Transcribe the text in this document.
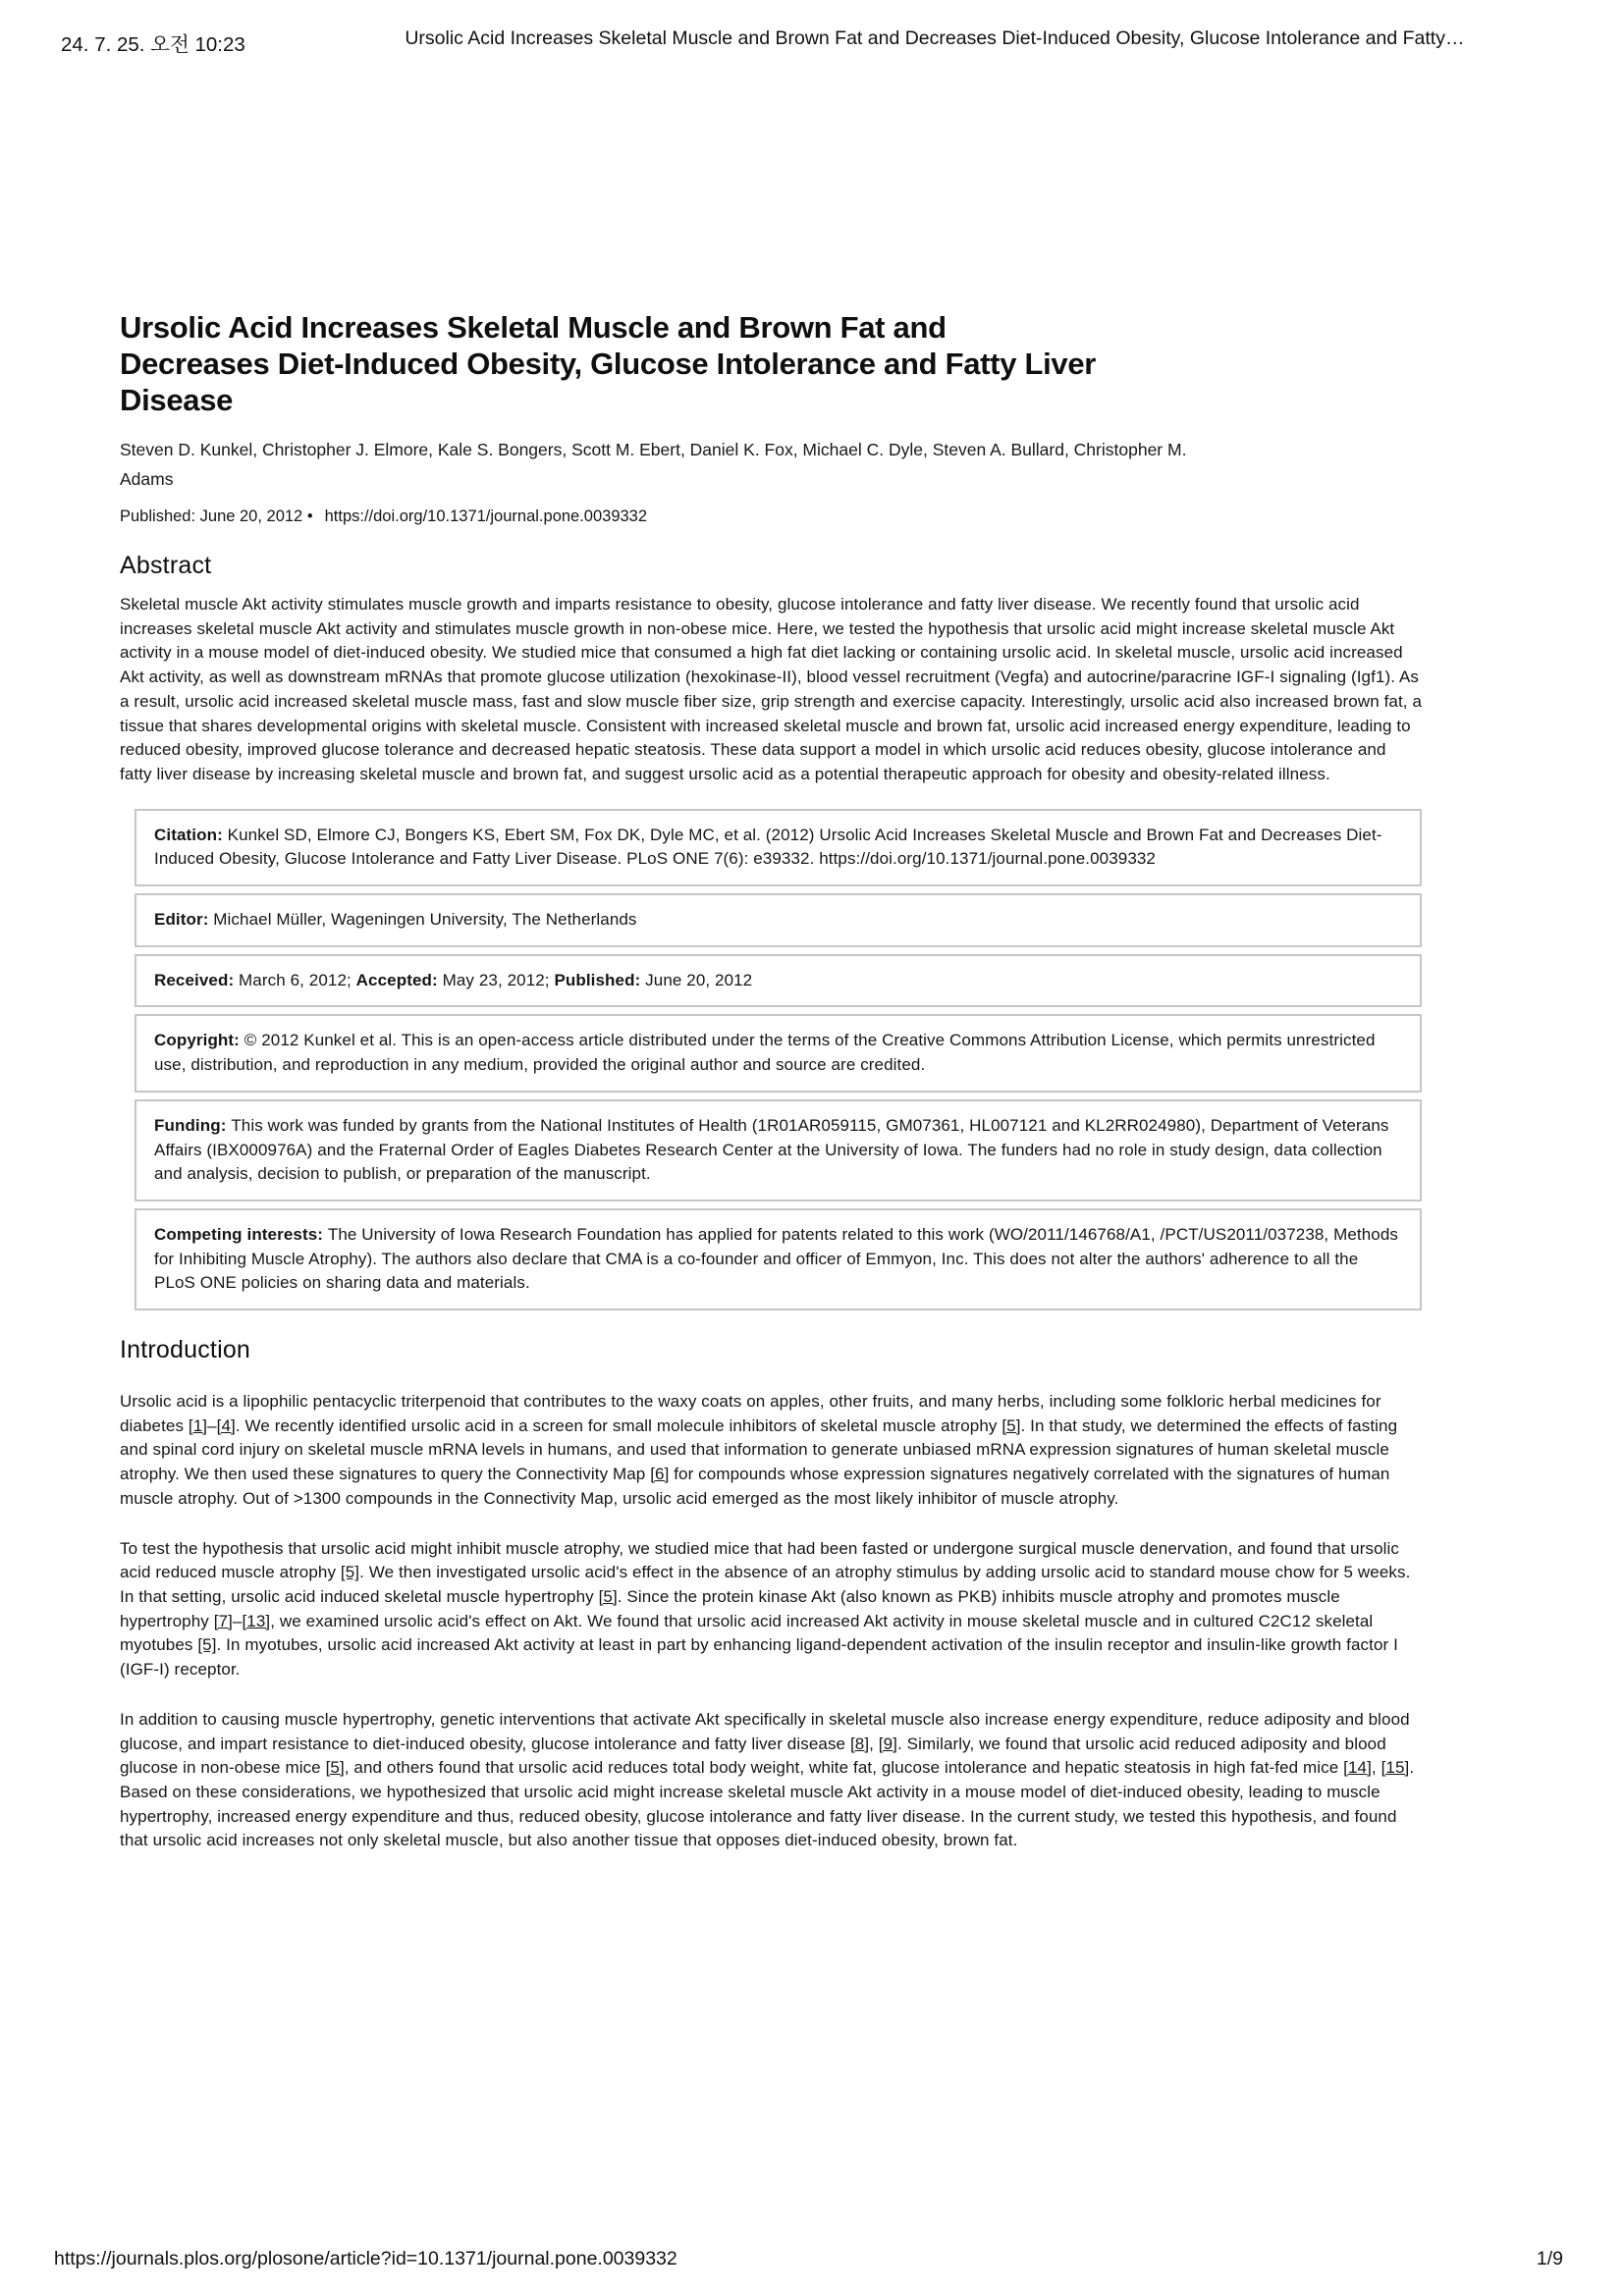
24. 7. 25. 오전 10:23	Ursolic Acid Increases Skeletal Muscle and Brown Fat and Decreases Diet-Induced Obesity, Glucose Intolerance and Fatty…
Ursolic Acid Increases Skeletal Muscle and Brown Fat and Decreases Diet-Induced Obesity, Glucose Intolerance and Fatty Liver Disease

Steven D. Kunkel, Christopher J. Elmore, Kale S. Bongers, Scott M. Ebert, Daniel K. Fox, Michael C. Dyle, Steven A. Bullard, Christopher M. Adams

Published: June 20, 2012 • https://doi.org/10.1371/journal.pone.0039332

Abstract

Skeletal muscle Akt activity stimulates muscle growth and imparts resistance to obesity, glucose intolerance and fatty liver disease. We recently found that ursolic acid increases skeletal muscle Akt activity and stimulates muscle growth in non-obese mice. Here, we tested the hypothesis that ursolic acid might increase skeletal muscle Akt activity in a mouse model of diet-induced obesity. We studied mice that consumed a high fat diet lacking or containing ursolic acid. In skeletal muscle, ursolic acid increased Akt activity, as well as downstream mRNAs that promote glucose utilization (hexokinase-II), blood vessel recruitment (Vegfa) and autocrine/paracrine IGF-I signaling (Igf1). As a result, ursolic acid increased skeletal muscle mass, fast and slow muscle fiber size, grip strength and exercise capacity. Interestingly, ursolic acid also increased brown fat, a tissue that shares developmental origins with skeletal muscle. Consistent with increased skeletal muscle and brown fat, ursolic acid increased energy expenditure, leading to reduced obesity, improved glucose tolerance and decreased hepatic steatosis. These data support a model in which ursolic acid reduces obesity, glucose intolerance and fatty liver disease by increasing skeletal muscle and brown fat, and suggest ursolic acid as a potential therapeutic approach for obesity and obesity-related illness.

Citation: Kunkel SD, Elmore CJ, Bongers KS, Ebert SM, Fox DK, Dyle MC, et al. (2012) Ursolic Acid Increases Skeletal Muscle and Brown Fat and Decreases Diet-Induced Obesity, Glucose Intolerance and Fatty Liver Disease. PLoS ONE 7(6): e39332. https://doi.org/10.1371/journal.pone.0039332
Editor: Michael Müller, Wageningen University, The Netherlands
Received: March 6, 2012; Accepted: May 23, 2012; Published: June 20, 2012
Copyright: © 2012 Kunkel et al. This is an open-access article distributed under the terms of the Creative Commons Attribution License, which permits unrestricted use, distribution, and reproduction in any medium, provided the original author and source are credited.
Funding: This work was funded by grants from the National Institutes of Health (1R01AR059115, GM07361, HL007121 and KL2RR024980), Department of Veterans Affairs (IBX000976A) and the Fraternal Order of Eagles Diabetes Research Center at the University of Iowa. The funders had no role in study design, data collection and analysis, decision to publish, or preparation of the manuscript.
Competing interests: The University of Iowa Research Foundation has applied for patents related to this work (WO/2011/146768/A1, /PCT/US2011/037238, Methods for Inhibiting Muscle Atrophy). The authors also declare that CMA is a co-founder and officer of Emmyon, Inc. This does not alter the authors' adherence to all the PLoS ONE policies on sharing data and materials.
Introduction

Ursolic acid is a lipophilic pentacyclic triterpenoid that contributes to the waxy coats on apples, other fruits, and many herbs, including some folkloric herbal medicines for diabetes [1]–[4]. We recently identified ursolic acid in a screen for small molecule inhibitors of skeletal muscle atrophy [5]. In that study, we determined the effects of fasting and spinal cord injury on skeletal muscle mRNA levels in humans, and used that information to generate unbiased mRNA expression signatures of human skeletal muscle atrophy. We then used these signatures to query the Connectivity Map [6] for compounds whose expression signatures negatively correlated with the signatures of human muscle atrophy. Out of >1300 compounds in the Connectivity Map, ursolic acid emerged as the most likely inhibitor of muscle atrophy.

To test the hypothesis that ursolic acid might inhibit muscle atrophy, we studied mice that had been fasted or undergone surgical muscle denervation, and found that ursolic acid reduced muscle atrophy [5]. We then investigated ursolic acid's effect in the absence of an atrophy stimulus by adding ursolic acid to standard mouse chow for 5 weeks. In that setting, ursolic acid induced skeletal muscle hypertrophy [5]. Since the protein kinase Akt (also known as PKB) inhibits muscle atrophy and promotes muscle hypertrophy [7]–[13], we examined ursolic acid's effect on Akt. We found that ursolic acid increased Akt activity in mouse skeletal muscle and in cultured C2C12 skeletal myotubes [5]. In myotubes, ursolic acid increased Akt activity at least in part by enhancing ligand-dependent activation of the insulin receptor and insulin-like growth factor I (IGF-I) receptor.

In addition to causing muscle hypertrophy, genetic interventions that activate Akt specifically in skeletal muscle also increase energy expenditure, reduce adiposity and blood glucose, and impart resistance to diet-induced obesity, glucose intolerance and fatty liver disease [8], [9]. Similarly, we found that ursolic acid reduced adiposity and blood glucose in non-obese mice [5], and others found that ursolic acid reduces total body weight, white fat, glucose intolerance and hepatic steatosis in high fat-fed mice [14], [15]. Based on these considerations, we hypothesized that ursolic acid might increase skeletal muscle Akt activity in a mouse model of diet-induced obesity, leading to muscle hypertrophy, increased energy expenditure and thus, reduced obesity, glucose intolerance and fatty liver disease. In the current study, we tested this hypothesis, and found that ursolic acid increases not only skeletal muscle, but also another tissue that opposes diet-induced obesity, brown fat.

https://journals.plos.org/plosone/article?id=10.1371/journal.pone.0039332	1/9
